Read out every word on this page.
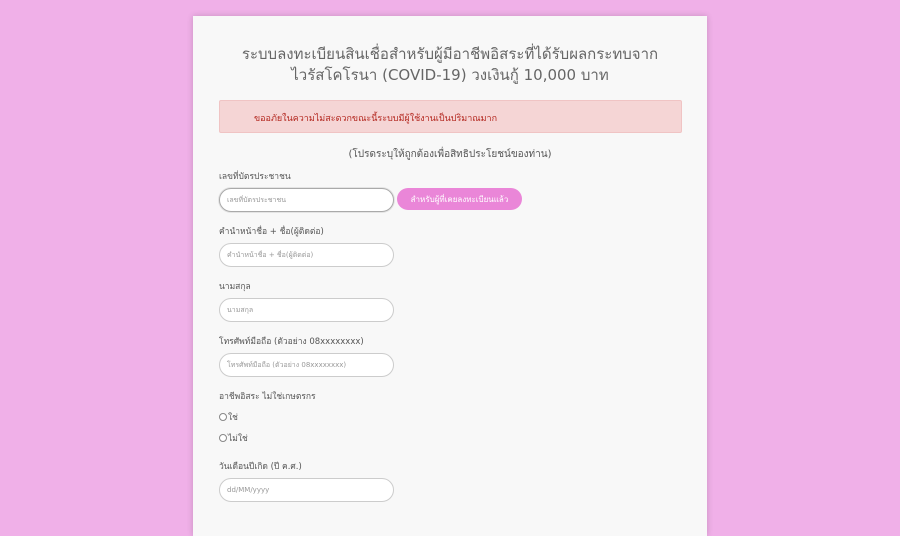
ระบบลงทะเบียนสินเชื่อสำหรับผู้มีอาชีพอิสระที่ได้รับผลกระทบจาก
ไวรัสโคโรนา (COVID-19) วงเงินกู้ 10,000 บาท
ขออภัยในความไม่สะดวกขณะนี้ระบบมีผู้ใช้งานเป็นปริมาณมาก
(โปรดระบุให้ถูกต้องเพื่อสิทธิประโยชน์ของท่าน)
เลขที่บัตรประชาชน
เลขที่บัตรประชาชน
สำหรับผู้ที่เคยลงทะเบียนแล้ว
คำนำหน้าชื่อ + ชื่อ(ผู้ติดต่อ)
คำนำหน้าชื่อ + ชื่อ(ผู้ติดต่อ)
นามสกุล
นามสกุล
โทรศัพท์มือถือ (ตัวอย่าง 08xxxxxxxx)
โทรศัพท์มือถือ (ตัวอย่าง 08xxxxxxxx)
อาชีพอิสระ ไม่ใช่เกษตรกร
ใช่
ไม่ใช่
วันเดือนปีเกิด (ปี ค.ศ.)
dd/MM/yyyy
